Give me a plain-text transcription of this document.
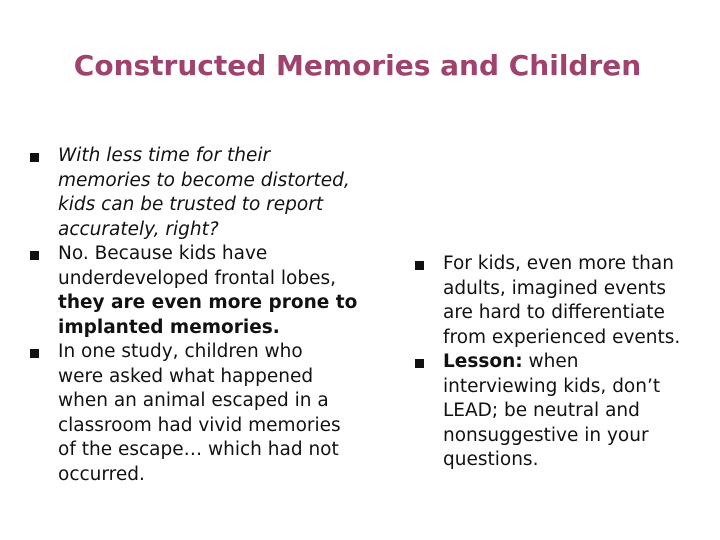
Constructed Memories and Children
With less time for their
memories to become distorted,
kids can be trusted to report
accurately, right?
No. Because kids have
underdeveloped frontal lobes,
they are even more prone to
implanted memories.
In one study, children who
were asked what happened
when an animal escaped in a
classroom had vivid memories
of the escape… which had not
occurred.
For kids, even more than
adults, imagined events
are hard to differentiate
from experienced events.
Lesson: when
interviewing kids, don’t
LEAD; be neutral and
nonsuggestive in your
questions.
